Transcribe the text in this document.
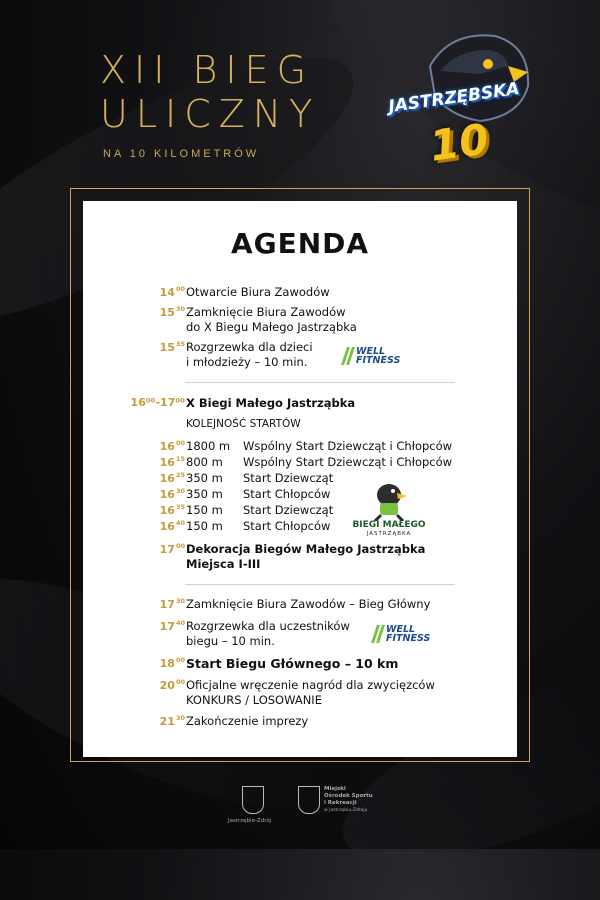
XII BIEG
ULICZNY
NA 10 KILOMETRÓW
JASTRZĘBSKA
10
AGENDA
$14^{00}$ Otwarcie Biura Zawodów
$15^{30}$ Zamknięcie Biura Zawodów
do X Biegu Małego Jastrząbka
$15^{35}$ Rozgrzewka dla dzieci
i młodzieży – 10 min.
WELL
FITNESS
16⁰⁰-17⁰⁰ X Biegi Małego Jastrząbka
KOLEJNOŚĆ STARTÓW
$16^{00}$ 1800 m Wspólny Start Dziewcząt i Chłopców
$16^{15}$ 800 m Wspólny Start Dziewcząt i Chłopców
$16^{25}$ 350 m Start Dziewcząt
$16^{30}$ 350 m Start Chłopców
$16^{35}$ 150 m Start Dziewcząt
$16^{40}$ 150 m Start Chłopców BIEGI MAŁEGO
JASTRZĄBKA
$17^{00}$ Dekoracja Biegów Małego Jastrząbka
Miejsca I-III
$17^{30}$ Zamknięcie Biura Zawodów – Bieg Główny
$17^{40}$ Rozgrzewka dla uczestników
biegu – 10 min.
WELL
FITNESS
$18^{00}$ Start Biegu Głównego – 10 km
$20^{00}$ Oficjalne wręczenie nagród dla zwycięzców
KONKURS / LOSOWANIE
$21^{30}$ Zakończenie imprezy
Jastrzębie-Zdrój
Miejski
Ośrodek Sportu
i Rekreacji
w Jastrzębiu-Zdroju
